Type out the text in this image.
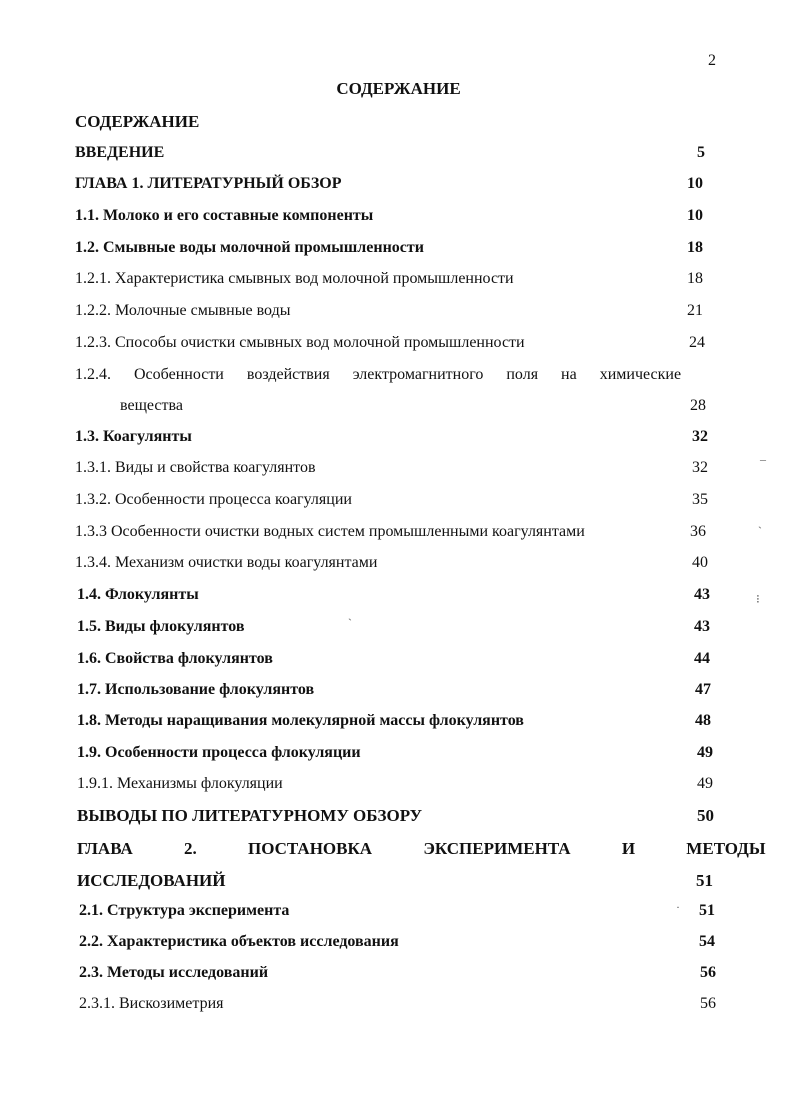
2
СОДЕРЖАНИЕ
СОДЕРЖАНИЕ
ВВЕДЕНИЕ	5
ГЛАВА 1. ЛИТЕРАТУРНЫЙ ОБЗОР	10
1.1. Молоко и его составные компоненты	10
1.2. Смывные воды молочной промышленности	18
1.2.1. Характеристика смывных вод молочной промышленности	18
1.2.2. Молочные смывные воды	21
1.2.3. Способы очистки смывных вод молочной промышленности	24
1.2.4. Особенности воздействия электромагнитного поля на химические
вещества	28
1.3. Коагулянты	32
1.3.1. Виды и свойства коагулянтов	32
1.3.2. Особенности процесса коагуляции	35
1.3.3 Особенности очистки водных систем промышленными коагулянтами	36
1.3.4. Механизм очистки воды коагулянтами	40
1.4. Флокулянты	43
1.5. Виды флокулянтов	43
1.6. Свойства флокулянтов	44
1.7. Использование флокулянтов	47
1.8. Методы наращивания молекулярной массы флокулянтов	48
1.9. Особенности процесса флокуляции	49
1.9.1. Механизмы флокуляции	49
ВЫВОДЫ ПО ЛИТЕРАТУРНОМУ ОБЗОРУ	50
ГЛАВА 2. ПОСТАНОВКА ЭКСПЕРИМЕНТА И МЕТОДЫ
ИССЛЕДОВАНИЙ	51
2.1. Структура эксперимента	51
2.2. Характеристика объектов исследования	54
2.3. Методы исследований	56
2.3.1. Вискозиметрия	56
–
ˋ
⁝
ˋ
·
